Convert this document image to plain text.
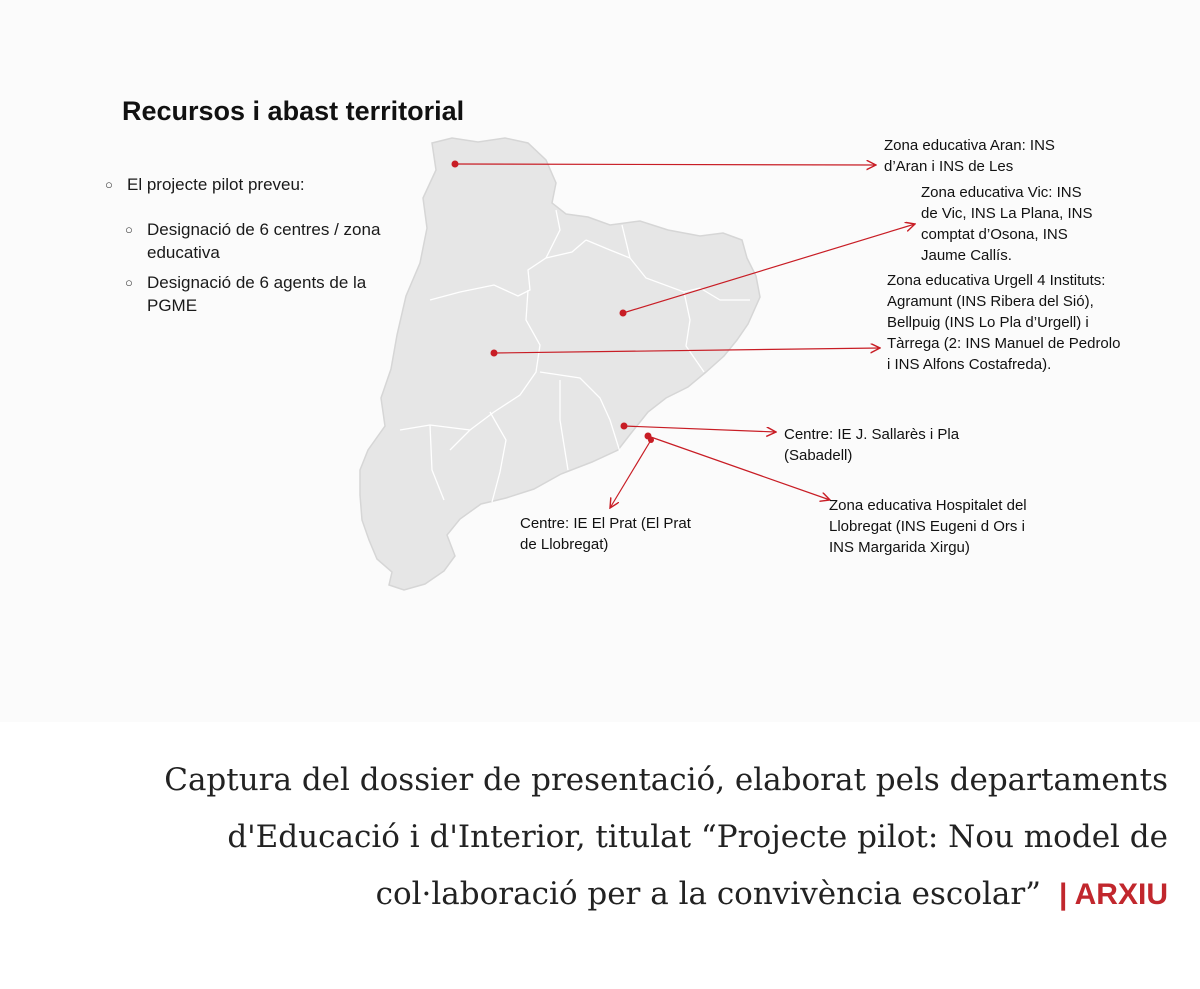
Recursos i abast territorial
○ El projecte pilot preveu:
○ Designació de 6 centres / zona educativa
○ Designació de 6 agents de la PGME
Zona educativa Aran: INS d’Aran i INS de Les
Zona educativa Vic: INS de Vic, INS La Plana, INS comptat d’Osona, INS Jaume Callís.
Zona educativa Urgell 4 Instituts: Agramunt (INS Ribera del Sió), Bellpuig (INS Lo Pla d’Urgell) i Tàrrega (2: INS Manuel de Pedrolo i INS Alfons Costafreda).
Centre: IE J. Sallarès i Pla (Sabadell)
Zona educativa Hospitalet del Llobregat (INS Eugeni d Ors i INS Margarida Xirgu)
Centre: IE El Prat (El Prat de Llobregat)
Captura del dossier de presentació, elaborat pels departaments d'Educació i d'Interior, titulat “Projecte pilot: Nou model de col·laboració per a la convivència escolar” | ARXIU
